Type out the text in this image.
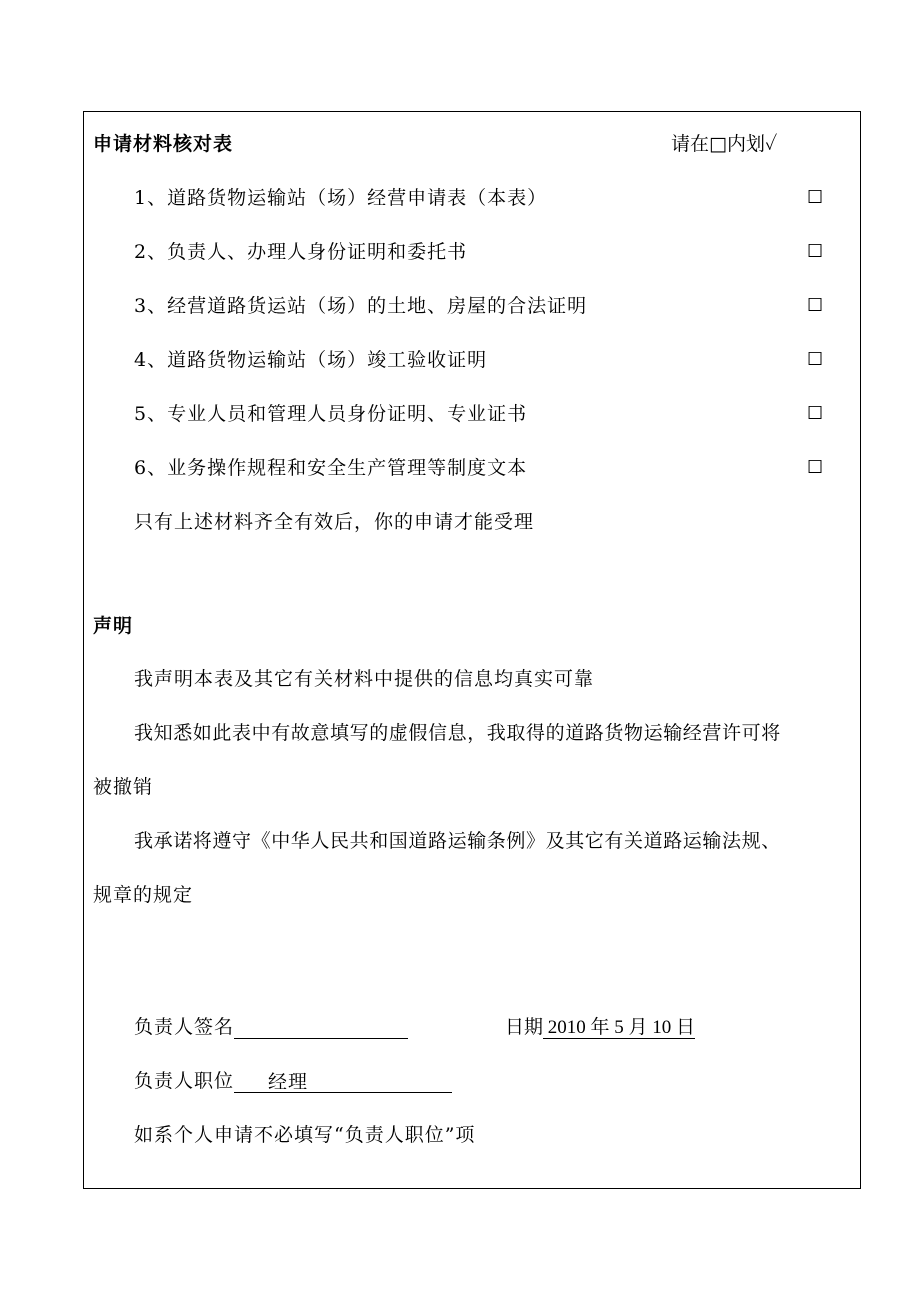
申请材料核对表	请在□内划✓
1、道路货物运输站（场）经营申请表（本表）	☐
2、负责人、办理人身份证明和委托书	☐
3、经营道路货运站（场）的土地、房屋的合法证明	☐
4、道路货物运输站（场）竣工验收证明	☐
5、专业人员和管理人员身份证明、专业证书	☐
6、业务操作规程和安全生产管理等制度文本	☐
只有上述材料齐全有效后，你的申请才能受理
声明
我声明本表及其它有关材料中提供的信息均真实可靠
我知悉如此表中有故意填写的虚假信息，我取得的道路货物运输经营许可将
被撤销
我承诺将遵守《中华人民共和国道路运输条例》及其它有关道路运输法规、
规章的规定
负责人签名	日期 2010 年 5 月 10 日
负责人职位 经理
如系个人申请不必填写“负责人职位”项
